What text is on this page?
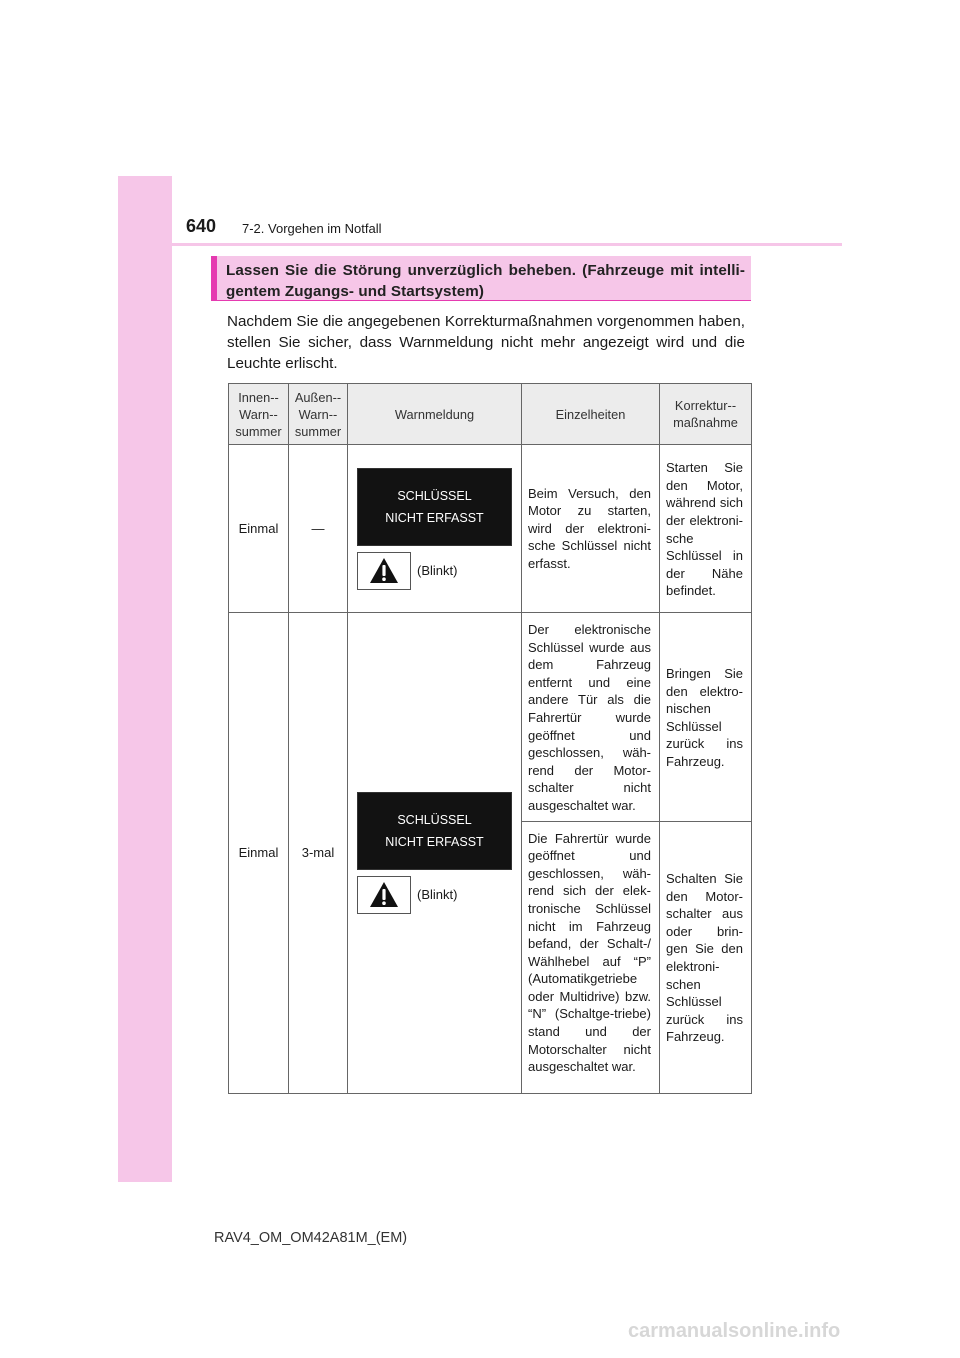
640 7-2. Vorgehen im Notfall
Lassen Sie die Störung unverzüglich beheben. (Fahrzeuge mit intelli-gentem Zugangs- und Startsystem)
Nachdem Sie die angegebenen Korrekturmaßnahmen vorgenommen haben, stellen Sie sicher, dass Warnmeldung nicht mehr angezeigt wird und die Leuchte erlischt.
Innen-Warn-summer	Außen-Warn-summer	Warnmeldung	Einzelheiten	Korrektur-maßnahme
Einmal	—	SCHLÜSSEL
NICHT ERFASST
(Blinkt)	Beim Versuch, den Motor zu starten, wird der elektroni-sche Schlüssel nicht erfasst.	Starten Sie den Motor, während sich der elektroni-sche Schlüssel in der Nähe befindet.
Einmal	3-mal	SCHLÜSSEL
NICHT ERFASST
(Blinkt)	Der elektronische Schlüssel wurde aus dem Fahrzeug entfernt und eine andere Tür als die Fahrertür wurde geöffnet und geschlossen, wäh-rend der Motor-schalter nicht ausgeschaltet war.	Bringen Sie den elektro-nischen Schlüssel zurück ins Fahrzeug.
			Die Fahrertür wurde geöffnet und geschlossen, wäh-rend sich der elek-tronische Schlüssel nicht im Fahrzeug befand, der Schalt-/ Wählhebel auf “P” (Automatikgetriebe oder Multidrive) bzw. “N” (Schaltge-triebe) stand und der Motorschalter nicht ausgeschaltet war.	Schalten Sie den Motor-schalter aus oder brin-gen Sie den elektroni-schen Schlüssel zurück ins Fahrzeug.
RAV4_OM_OM42A81M_(EM)
carmanualsonline.info
